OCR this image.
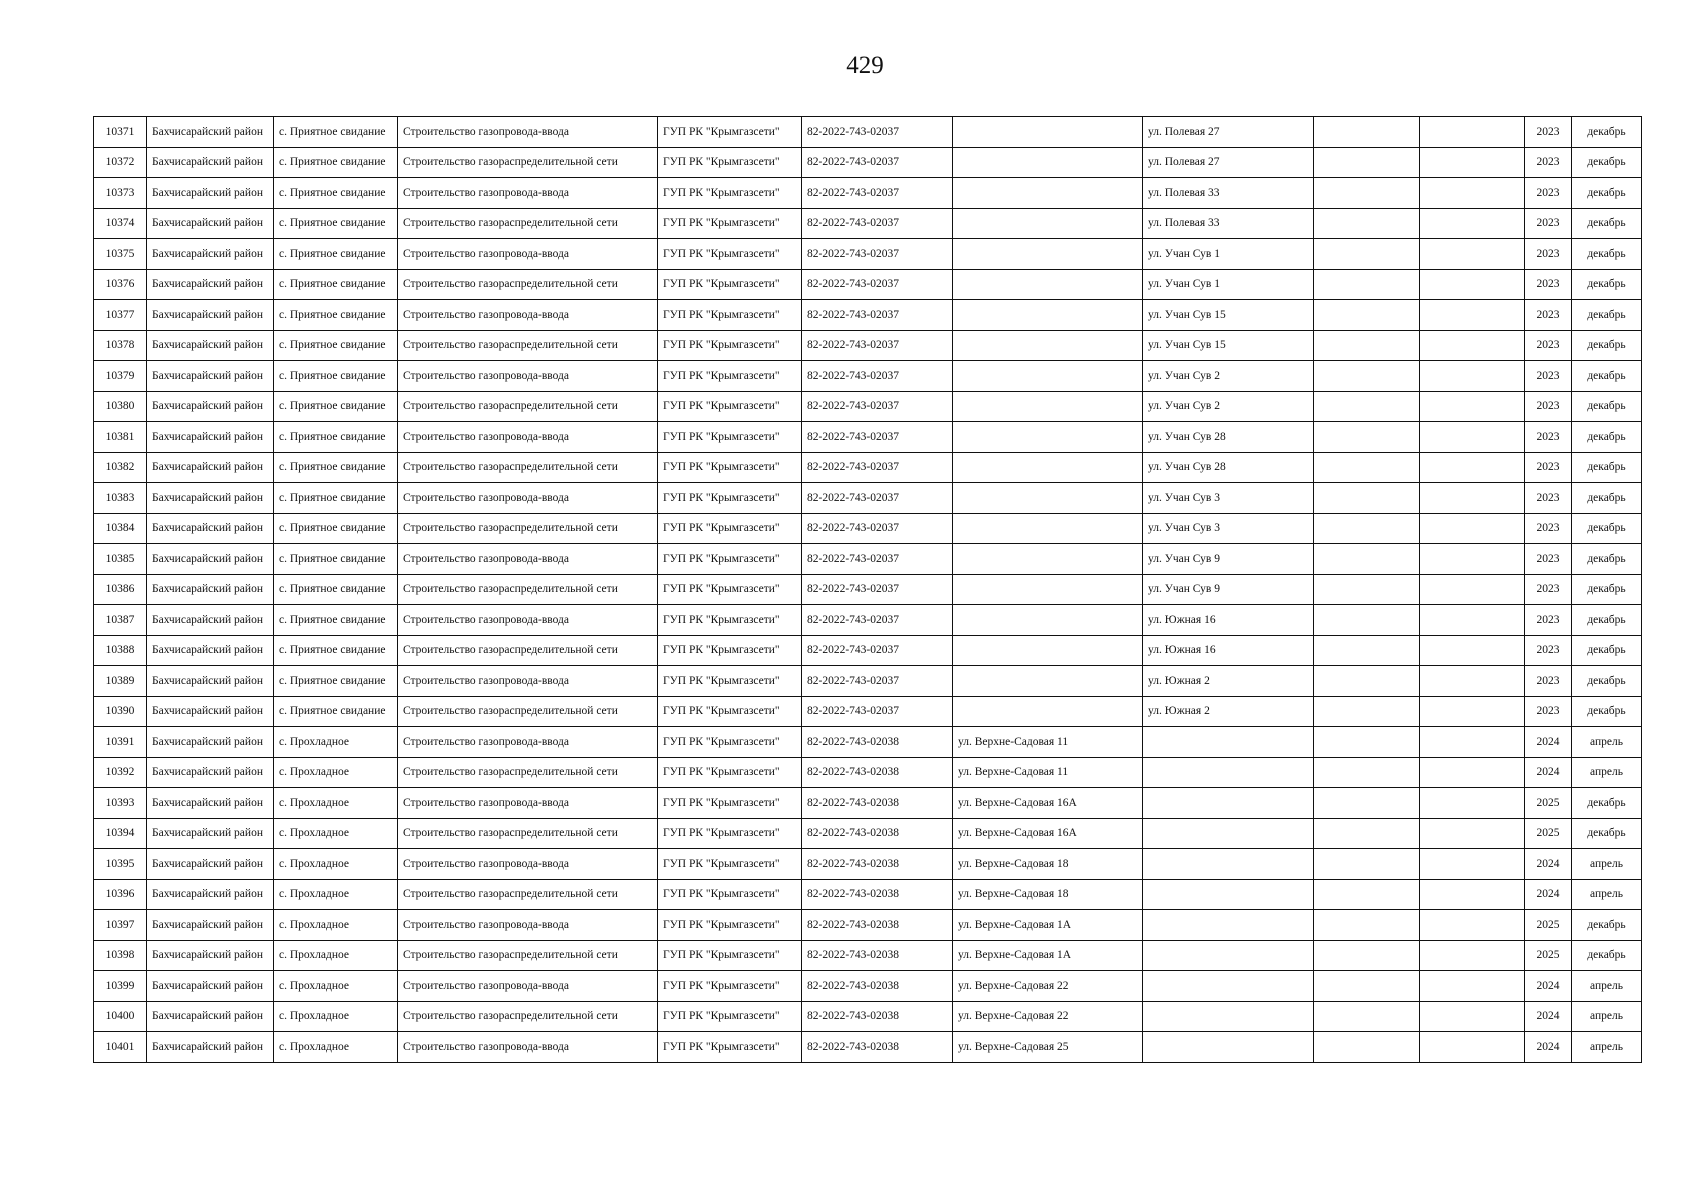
429
10371	Бахчисарайский район	с. Приятное свидание	Строительство газопровода-ввода	ГУП РК "Крымгазсети"	82-2022-743-02037		ул. Полевая 27			2023	декабрь
10372	Бахчисарайский район	с. Приятное свидание	Строительство газораспределительной сети	ГУП РК "Крымгазсети"	82-2022-743-02037		ул. Полевая 27			2023	декабрь
10373	Бахчисарайский район	с. Приятное свидание	Строительство газопровода-ввода	ГУП РК "Крымгазсети"	82-2022-743-02037		ул. Полевая 33			2023	декабрь
10374	Бахчисарайский район	с. Приятное свидание	Строительство газораспределительной сети	ГУП РК "Крымгазсети"	82-2022-743-02037		ул. Полевая 33			2023	декабрь
10375	Бахчисарайский район	с. Приятное свидание	Строительство газопровода-ввода	ГУП РК "Крымгазсети"	82-2022-743-02037		ул. Учан Сув 1			2023	декабрь
10376	Бахчисарайский район	с. Приятное свидание	Строительство газораспределительной сети	ГУП РК "Крымгазсети"	82-2022-743-02037		ул. Учан Сув 1			2023	декабрь
10377	Бахчисарайский район	с. Приятное свидание	Строительство газопровода-ввода	ГУП РК "Крымгазсети"	82-2022-743-02037		ул. Учан Сув 15			2023	декабрь
10378	Бахчисарайский район	с. Приятное свидание	Строительство газораспределительной сети	ГУП РК "Крымгазсети"	82-2022-743-02037		ул. Учан Сув 15			2023	декабрь
10379	Бахчисарайский район	с. Приятное свидание	Строительство газопровода-ввода	ГУП РК "Крымгазсети"	82-2022-743-02037		ул. Учан Сув 2			2023	декабрь
10380	Бахчисарайский район	с. Приятное свидание	Строительство газораспределительной сети	ГУП РК "Крымгазсети"	82-2022-743-02037		ул. Учан Сув 2			2023	декабрь
10381	Бахчисарайский район	с. Приятное свидание	Строительство газопровода-ввода	ГУП РК "Крымгазсети"	82-2022-743-02037		ул. Учан Сув 28			2023	декабрь
10382	Бахчисарайский район	с. Приятное свидание	Строительство газораспределительной сети	ГУП РК "Крымгазсети"	82-2022-743-02037		ул. Учан Сув 28			2023	декабрь
10383	Бахчисарайский район	с. Приятное свидание	Строительство газопровода-ввода	ГУП РК "Крымгазсети"	82-2022-743-02037		ул. Учан Сув 3			2023	декабрь
10384	Бахчисарайский район	с. Приятное свидание	Строительство газораспределительной сети	ГУП РК "Крымгазсети"	82-2022-743-02037		ул. Учан Сув 3			2023	декабрь
10385	Бахчисарайский район	с. Приятное свидание	Строительство газопровода-ввода	ГУП РК "Крымгазсети"	82-2022-743-02037		ул. Учан Сув 9			2023	декабрь
10386	Бахчисарайский район	с. Приятное свидание	Строительство газораспределительной сети	ГУП РК "Крымгазсети"	82-2022-743-02037		ул. Учан Сув 9			2023	декабрь
10387	Бахчисарайский район	с. Приятное свидание	Строительство газопровода-ввода	ГУП РК "Крымгазсети"	82-2022-743-02037		ул. Южная 16			2023	декабрь
10388	Бахчисарайский район	с. Приятное свидание	Строительство газораспределительной сети	ГУП РК "Крымгазсети"	82-2022-743-02037		ул. Южная 16			2023	декабрь
10389	Бахчисарайский район	с. Приятное свидание	Строительство газопровода-ввода	ГУП РК "Крымгазсети"	82-2022-743-02037		ул. Южная 2			2023	декабрь
10390	Бахчисарайский район	с. Приятное свидание	Строительство газораспределительной сети	ГУП РК "Крымгазсети"	82-2022-743-02037		ул. Южная 2			2023	декабрь
10391	Бахчисарайский район	с. Прохладное	Строительство газопровода-ввода	ГУП РК "Крымгазсети"	82-2022-743-02038	ул. Верхне-Садовая 11				2024	апрель
10392	Бахчисарайский район	с. Прохладное	Строительство газораспределительной сети	ГУП РК "Крымгазсети"	82-2022-743-02038	ул. Верхне-Садовая 11				2024	апрель
10393	Бахчисарайский район	с. Прохладное	Строительство газопровода-ввода	ГУП РК "Крымгазсети"	82-2022-743-02038	ул. Верхне-Садовая 16А				2025	декабрь
10394	Бахчисарайский район	с. Прохладное	Строительство газораспределительной сети	ГУП РК "Крымгазсети"	82-2022-743-02038	ул. Верхне-Садовая 16А				2025	декабрь
10395	Бахчисарайский район	с. Прохладное	Строительство газопровода-ввода	ГУП РК "Крымгазсети"	82-2022-743-02038	ул. Верхне-Садовая 18				2024	апрель
10396	Бахчисарайский район	с. Прохладное	Строительство газораспределительной сети	ГУП РК "Крымгазсети"	82-2022-743-02038	ул. Верхне-Садовая 18				2024	апрель
10397	Бахчисарайский район	с. Прохладное	Строительство газопровода-ввода	ГУП РК "Крымгазсети"	82-2022-743-02038	ул. Верхне-Садовая 1А				2025	декабрь
10398	Бахчисарайский район	с. Прохладное	Строительство газораспределительной сети	ГУП РК "Крымгазсети"	82-2022-743-02038	ул. Верхне-Садовая 1А				2025	декабрь
10399	Бахчисарайский район	с. Прохладное	Строительство газопровода-ввода	ГУП РК "Крымгазсети"	82-2022-743-02038	ул. Верхне-Садовая 22				2024	апрель
10400	Бахчисарайский район	с. Прохладное	Строительство газораспределительной сети	ГУП РК "Крымгазсети"	82-2022-743-02038	ул. Верхне-Садовая 22				2024	апрель
10401	Бахчисарайский район	с. Прохладное	Строительство газопровода-ввода	ГУП РК "Крымгазсети"	82-2022-743-02038	ул. Верхне-Садовая 25				2024	апрель
